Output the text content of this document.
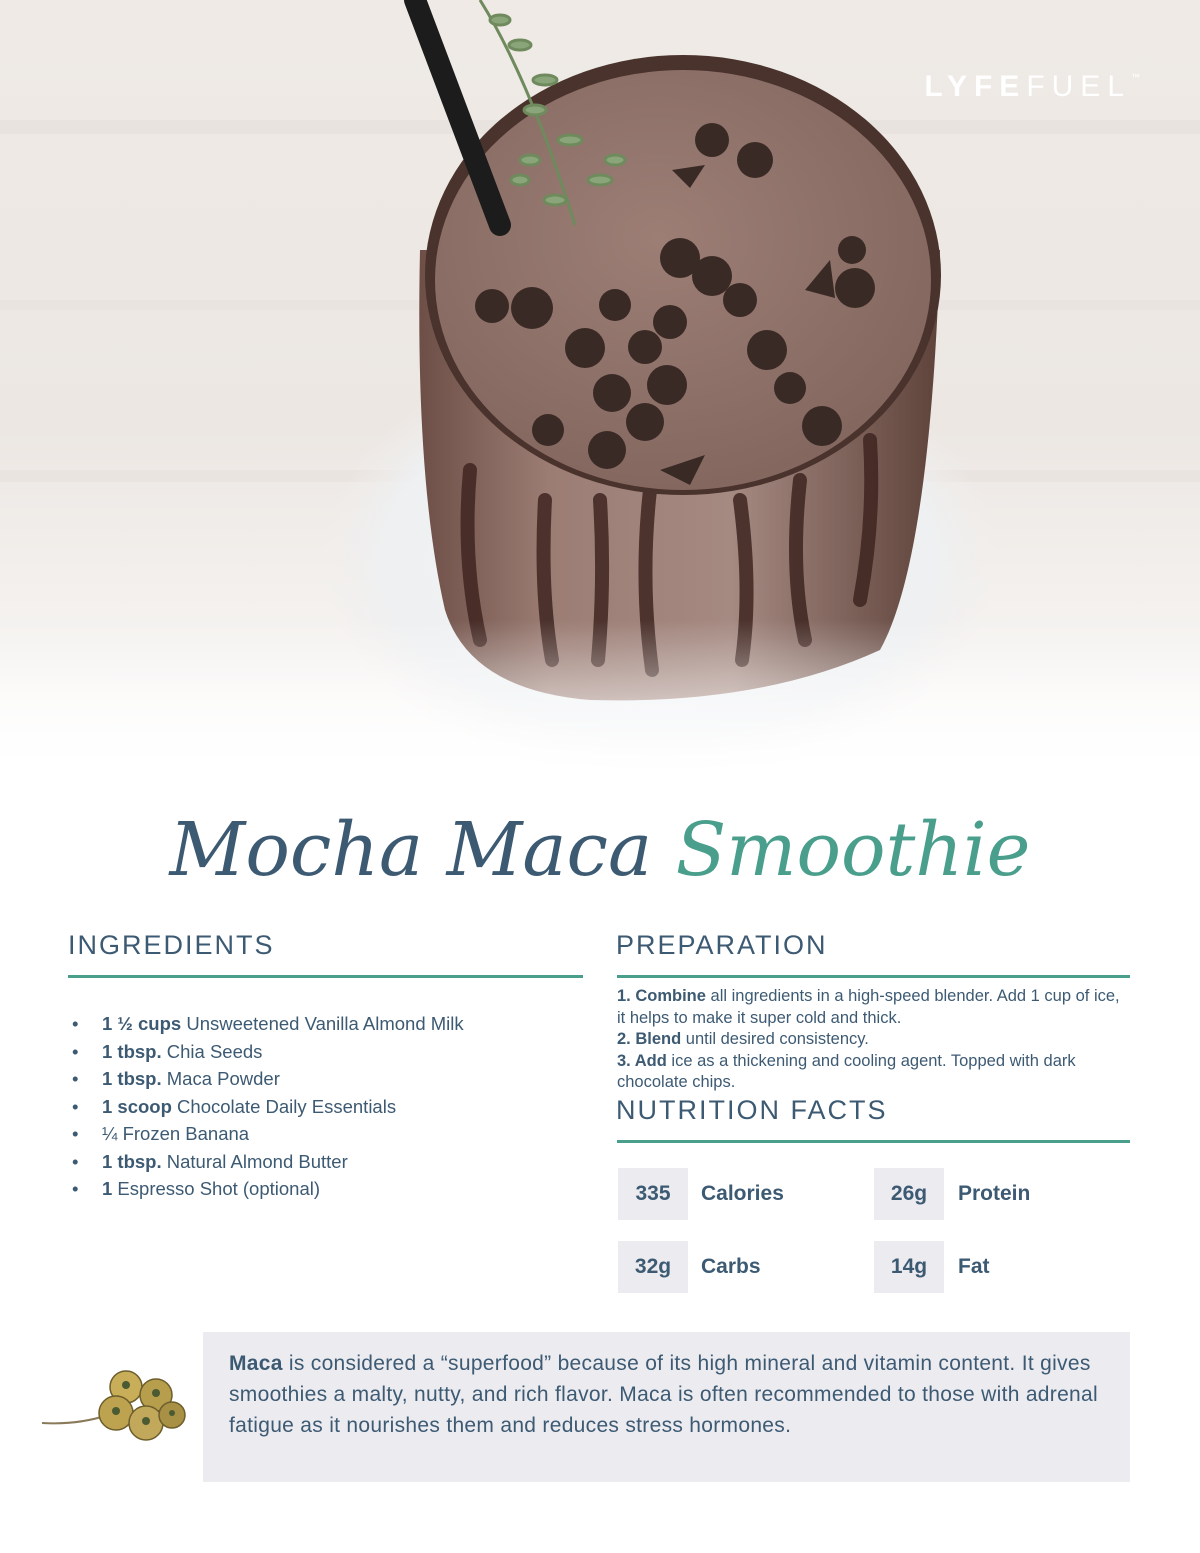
LYFEFUEL™
Mocha Maca Smoothie
INGREDIENTS
• 1 ½ cups Unsweetened Vanilla Almond Milk
• 1 tbsp. Chia Seeds
• 1 tbsp. Maca Powder
• 1 scoop Chocolate Daily Essentials
• ¼ Frozen Banana
• 1 tbsp. Natural Almond Butter
• 1 Espresso Shot (optional)
PREPARATION
1. Combine all ingredients in a high-speed blender. Add 1 cup of ice, it helps to make it super cold and thick.
2. Blend until desired consistency.
3. Add ice as a thickening and cooling agent. Topped with dark chocolate chips.
NUTRITION FACTS
335	Calories	26g	Protein
32g	Carbs	14g	Fat
Maca is considered a “superfood” because of its high mineral and vitamin content. It gives smoothies a malty, nutty, and rich flavor. Maca is often recommended to those with adrenal fatigue as it nourishes them and reduces stress hormones.
